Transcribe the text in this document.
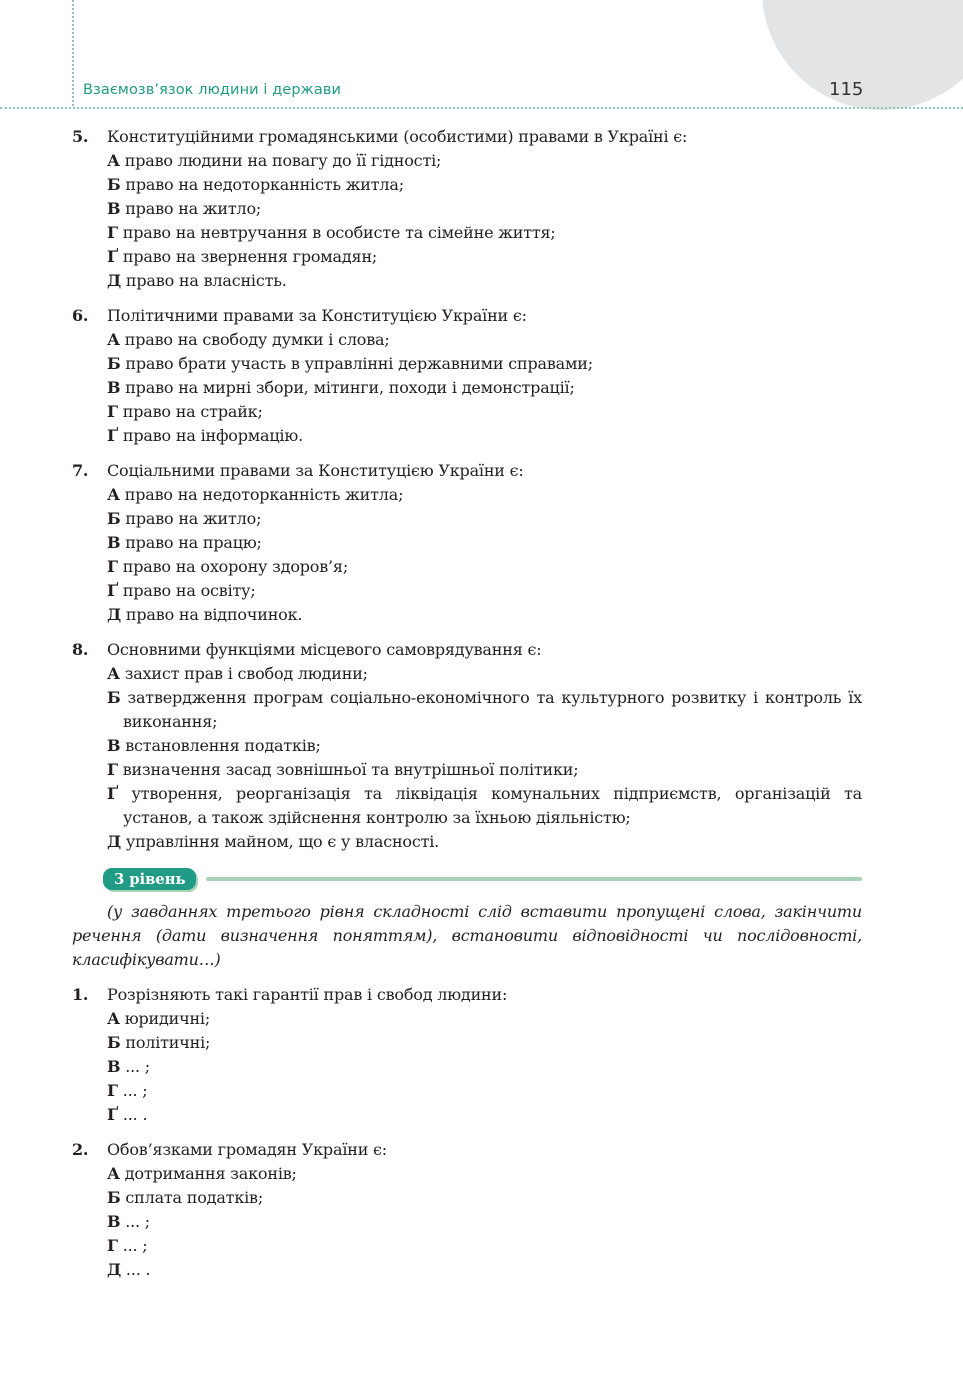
Взаємозв’язок людини і держави	115
5. Конституційними громадянськими (особистими) правами в Україні є:
А право людини на повагу до її гідності;
Б право на недоторканність житла;
В право на житло;
Г право на невтручання в особисте та сімейне життя;
Ґ право на звернення громадян;
Д право на власність.
6. Політичними правами за Конституцією України є:
А право на свободу думки і слова;
Б право брати участь в управлінні державними справами;
В право на мирні збори, мітинги, походи і демонстрації;
Г право на страйк;
Ґ право на інформацію.
7. Соціальними правами за Конституцією України є:
А право на недоторканність житла;
Б право на житло;
В право на працю;
Г право на охорону здоров’я;
Ґ право на освіту;
Д право на відпочинок.
8. Основними функціями місцевого самоврядування є:
А захист прав і свобод людини;
Б затвердження програм соціально-економічного та культурного розвитку і контроль їх виконання;
В встановлення податків;
Г визначення засад зовнішньої та внутрішньої політики;
Ґ утворення, реорганізація та ліквідація комунальних підприємств, організацій та установ, а також здійснення контролю за їхньою діяльністю;
Д управління майном, що є у власності.
3 рівень
(у завданнях третього рівня складності слід вставити пропущені слова, закінчити речення (дати визначення поняттям), встановити відповідності чи послідовності, класифікувати…)
1. Розрізняють такі гарантії прав і свобод людини:
А юридичні;
Б політичні;
В ... ;
Г ... ;
Ґ ... .
2. Обов’язками громадян України є:
А дотримання законів;
Б сплата податків;
В ... ;
Г ... ;
Д ... .
